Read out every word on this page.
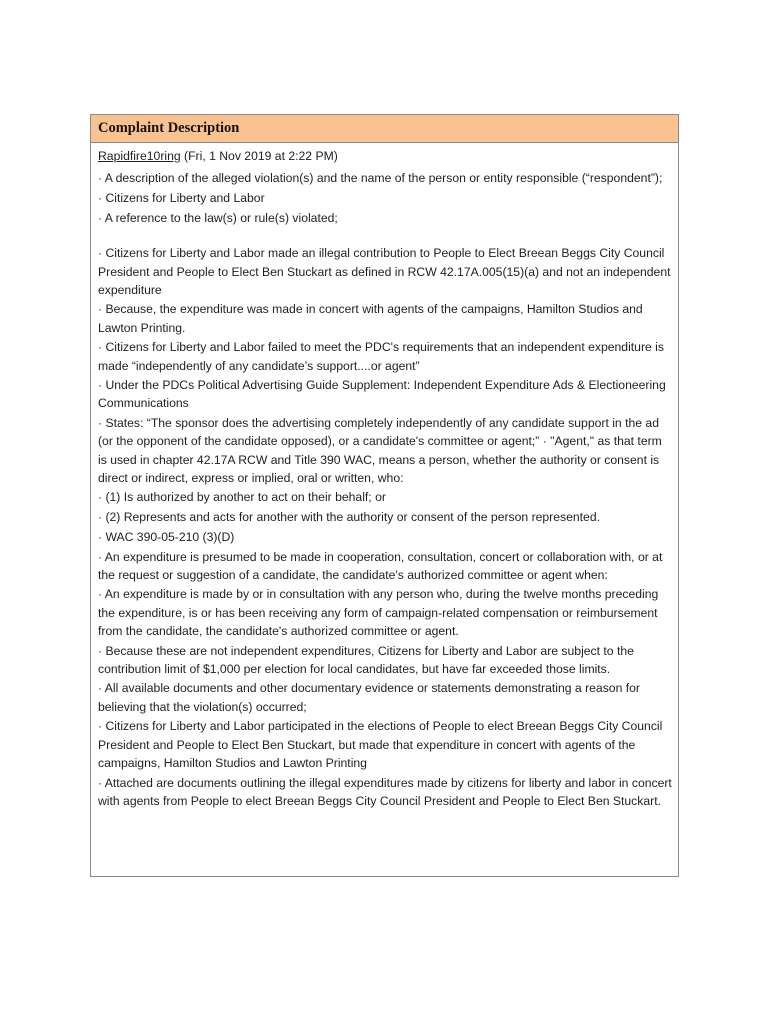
Complaint Description
Rapidfire10ring (Fri, 1 Nov 2019 at 2:22 PM)
· A description of the alleged violation(s) and the name of the person or entity responsible (“respondent”);
· Citizens for Liberty and Labor
· A reference to the law(s) or rule(s) violated;
· Citizens for Liberty and Labor made an illegal contribution to People to Elect Breean Beggs City Council President and People to Elect Ben Stuckart as defined in RCW 42.17A.005(15)(a) and not an independent expenditure
· Because, the expenditure was made in concert with agents of the campaigns, Hamilton Studios and Lawton Printing.
· Citizens for Liberty and Labor failed to meet the PDC's requirements that an independent expenditure is made “independently of any candidate’s support....or agent”
· Under the PDCs Political Advertising Guide Supplement: Independent Expenditure Ads & Electioneering Communications
· States: “The sponsor does the advertising completely independently of any candidate support in the ad (or the opponent of the candidate opposed), or a candidate's committee or agent;” · "Agent," as that term is used in chapter 42.17A RCW and Title 390 WAC, means a person, whether the authority or consent is direct or indirect, express or implied, oral or written, who:
· (1) Is authorized by another to act on their behalf; or
· (2) Represents and acts for another with the authority or consent of the person represented.
· WAC 390-05-210 (3)(D)
· An expenditure is presumed to be made in cooperation, consultation, concert or collaboration with, or at the request or suggestion of a candidate, the candidate's authorized committee or agent when:
· An expenditure is made by or in consultation with any person who, during the twelve months preceding the expenditure, is or has been receiving any form of campaign-related compensation or reimbursement from the candidate, the candidate's authorized committee or agent.
· Because these are not independent expenditures, Citizens for Liberty and Labor are subject to the contribution limit of $1,000 per election for local candidates, but have far exceeded those limits.
· All available documents and other documentary evidence or statements demonstrating a reason for believing that the violation(s) occurred;
· Citizens for Liberty and Labor participated in the elections of People to elect Breean Beggs City Council President and People to Elect Ben Stuckart, but made that expenditure in concert with agents of the campaigns, Hamilton Studios and Lawton Printing
· Attached are documents outlining the illegal expenditures made by citizens for liberty and labor in concert with agents from People to elect Breean Beggs City Council President and People to Elect Ben Stuckart.
